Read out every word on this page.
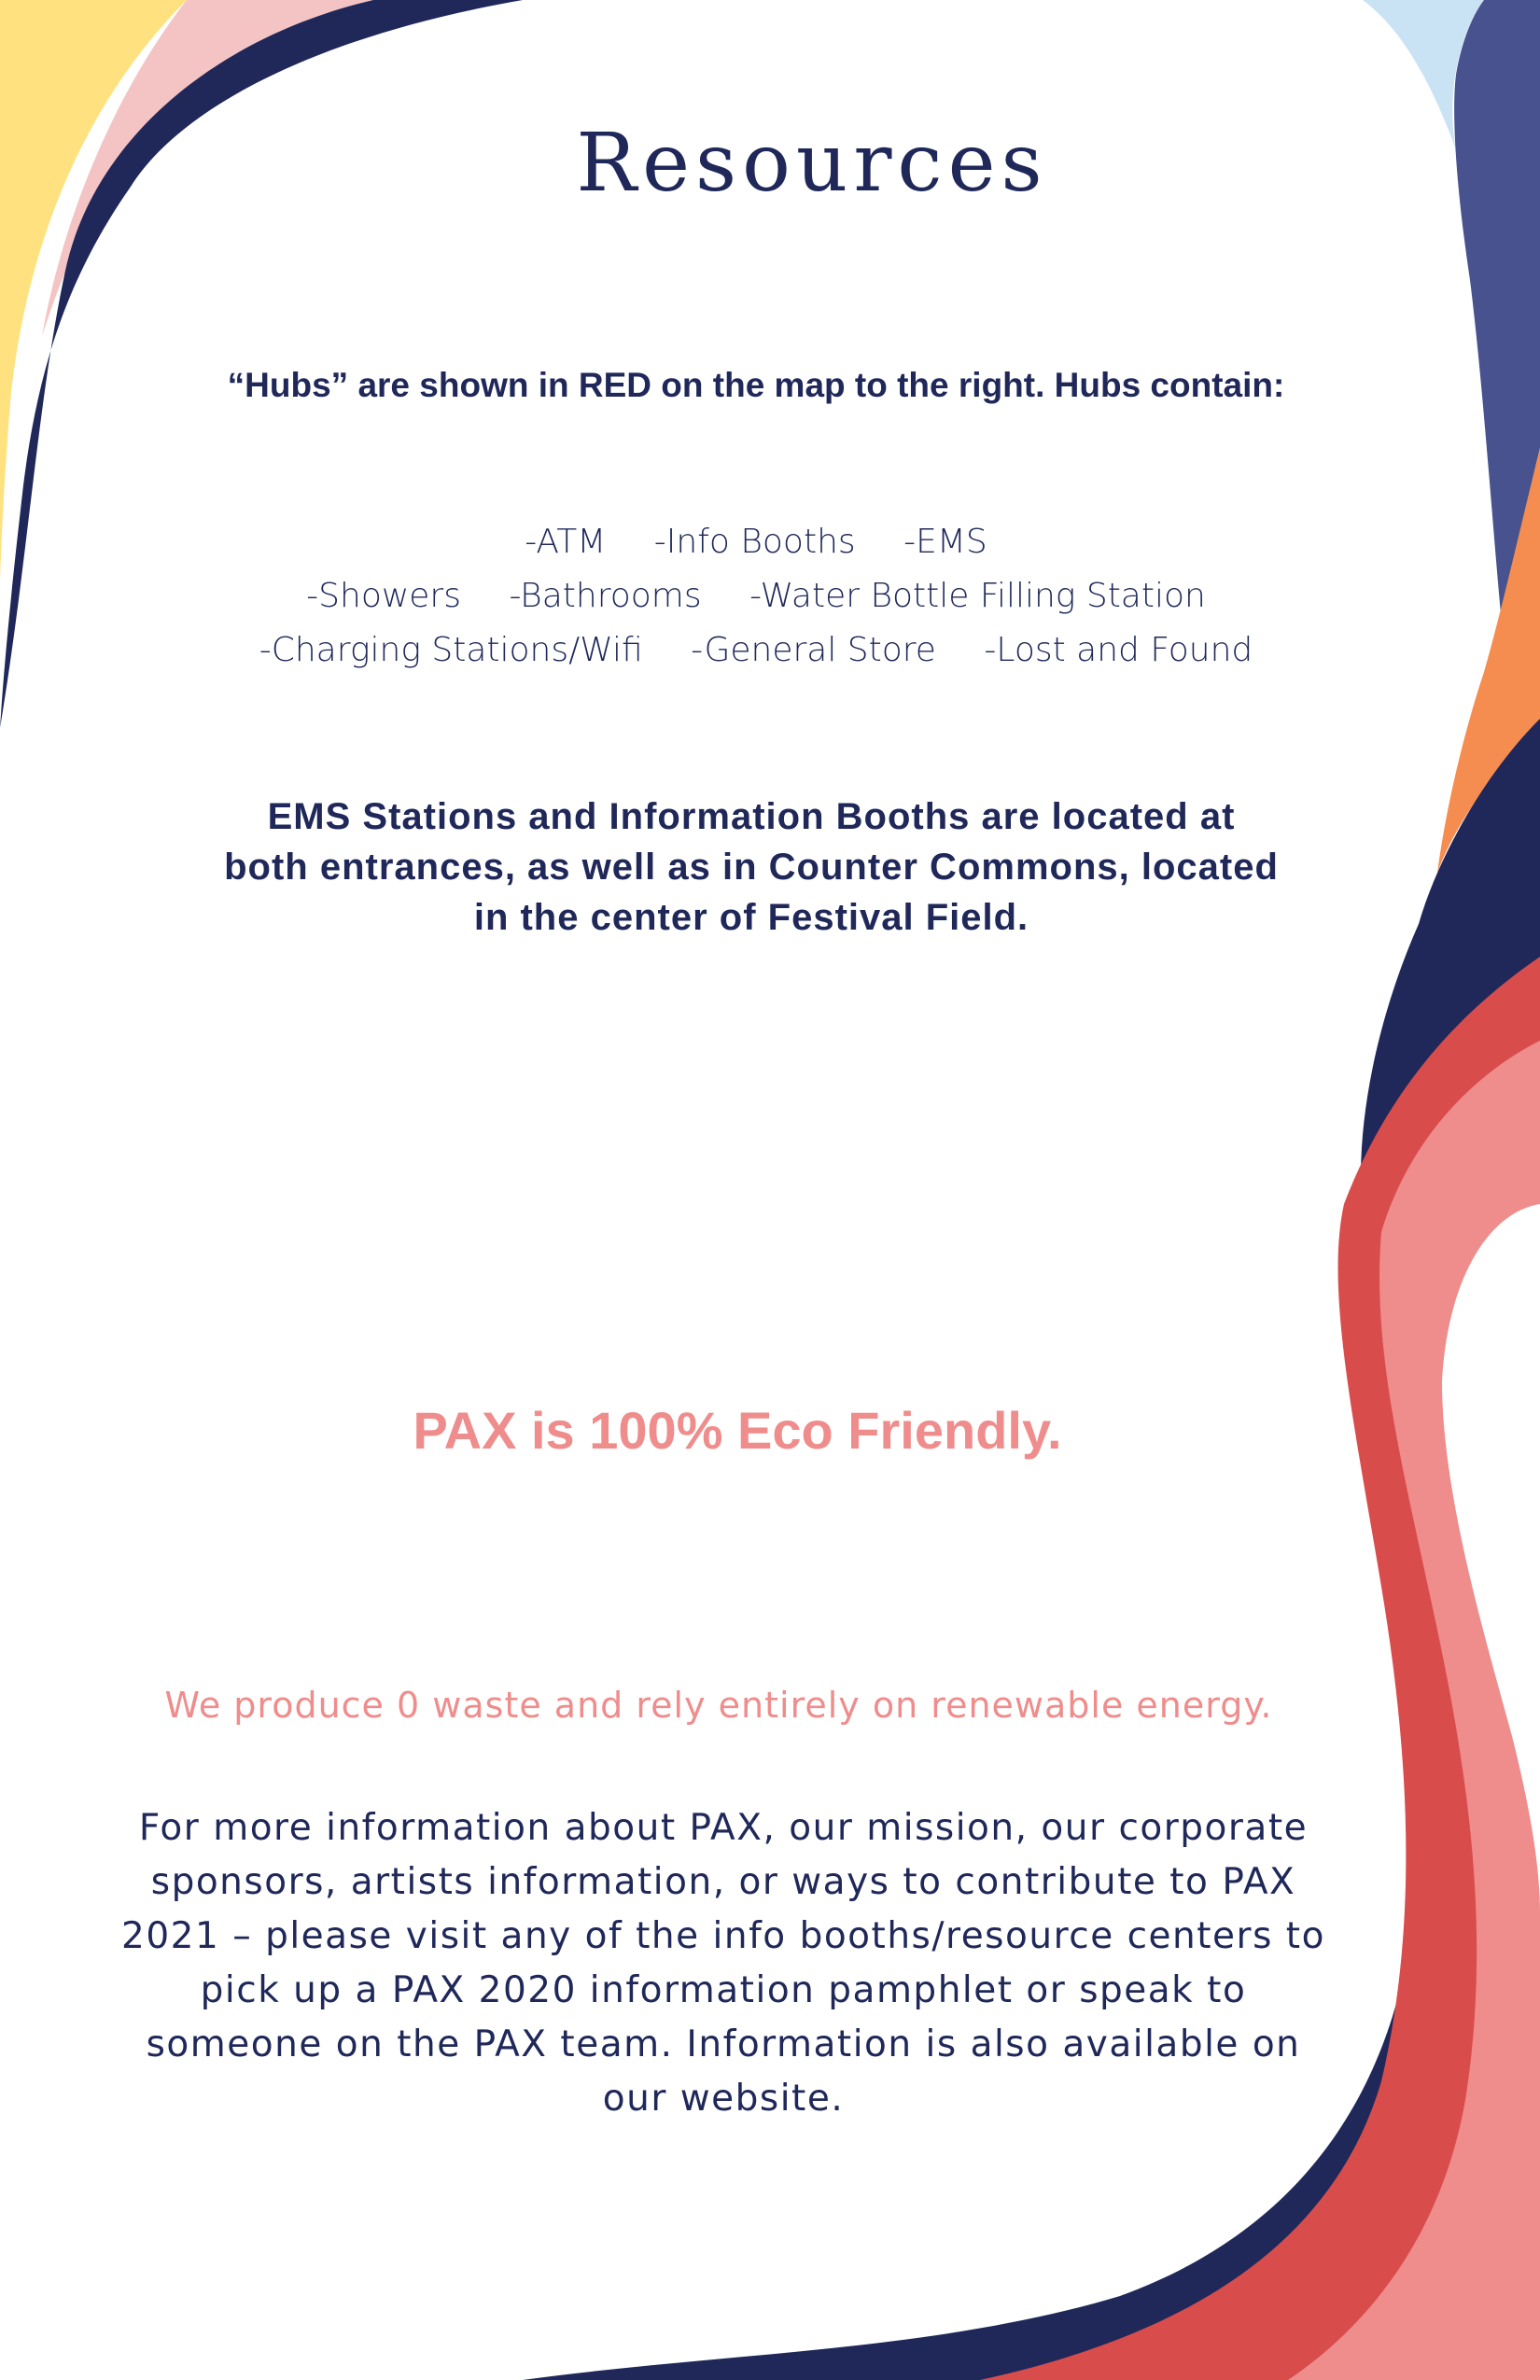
Resources

“Hubs” are shown in RED on the map to the right. Hubs contain:

-ATM -Info Booths -EMS
-Showers -Bathrooms -Water Bottle Filling Station
-Charging Stations/Wifi -General Store -Lost and Found

EMS Stations and Information Booths are located at both entrances, as well as in Counter Commons, located in the center of Festival Field.

PAX is 100% Eco Friendly.

We produce 0 waste and rely entirely on renewable energy.

For more information about PAX, our mission, our corporate sponsors, artists information, or ways to contribute to PAX 2021 – please visit any of the info booths/resource centers to pick up a PAX 2020 information pamphlet or speak to someone on the PAX team. Information is also available on our website.
